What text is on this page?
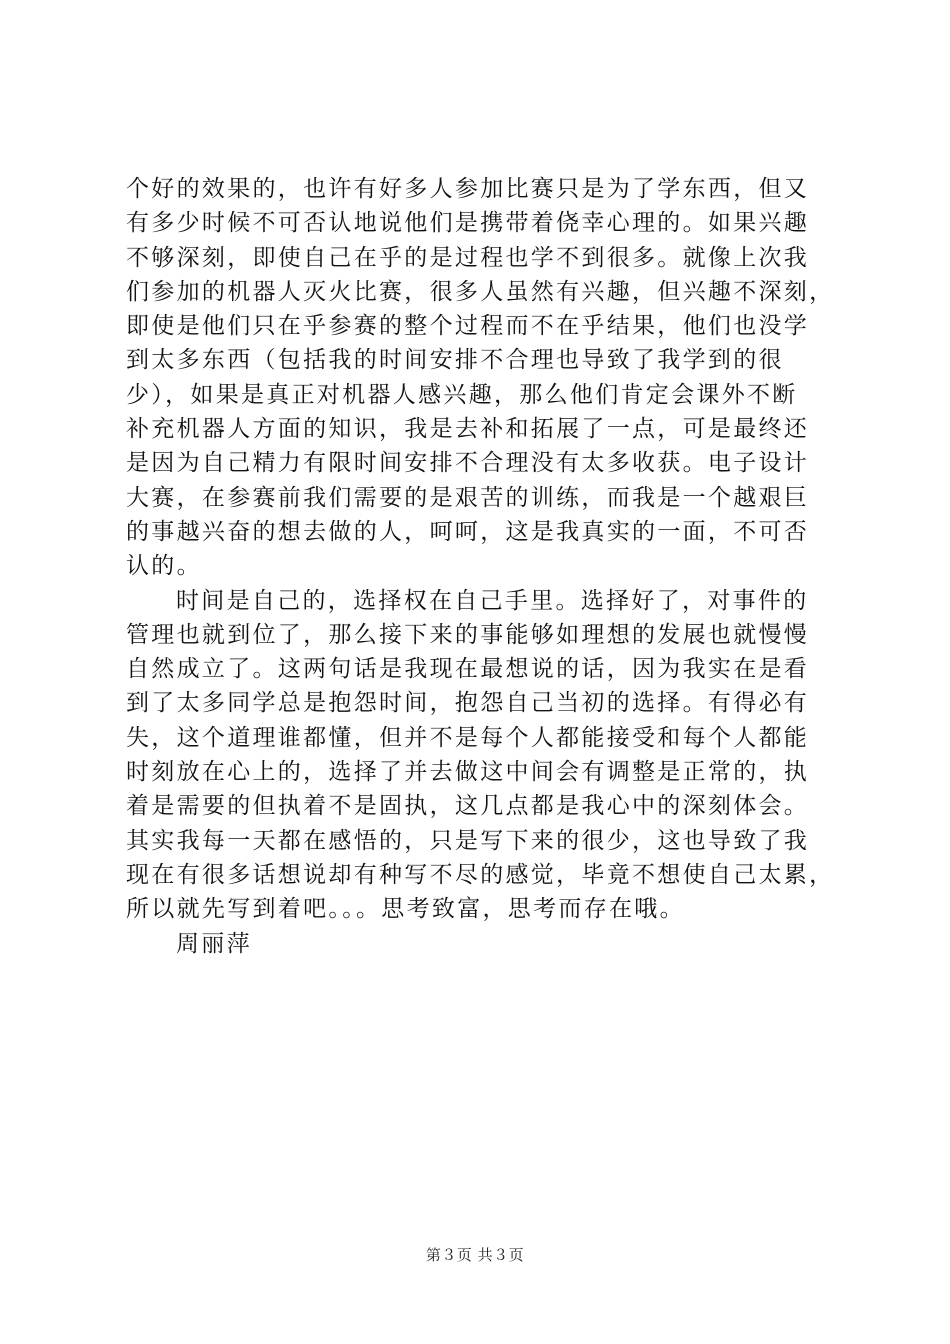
个好的效果的，也许有好多人参加比赛只是为了学东西，但又
有多少时候不可否认地说他们是携带着侥幸心理的。如果兴趣
不够深刻，即使自己在乎的是过程也学不到很多。就像上次我
们参加的机器人灭火比赛，很多人虽然有兴趣，但兴趣不深刻，
即使是他们只在乎参赛的整个过程而不在乎结果，他们也没学
到太多东西（包括我的时间安排不合理也导致了我学到的很
少），如果是真正对机器人感兴趣，那么他们肯定会课外不断
补充机器人方面的知识，我是去补和拓展了一点，可是最终还
是因为自己精力有限时间安排不合理没有太多收获。电子设计
大赛，在参赛前我们需要的是艰苦的训练，而我是一个越艰巨
的事越兴奋的想去做的人，呵呵，这是我真实的一面，不可否
认的。
时间是自己的，选择权在自己手里。选择好了，对事件的
管理也就到位了，那么接下来的事能够如理想的发展也就慢慢
自然成立了。这两句话是我现在最想说的话，因为我实在是看
到了太多同学总是抱怨时间，抱怨自己当初的选择。有得必有
失，这个道理谁都懂，但并不是每个人都能接受和每个人都能
时刻放在心上的，选择了并去做这中间会有调整是正常的，执
着是需要的但执着不是固执，这几点都是我心中的深刻体会。
其实我每一天都在感悟的，只是写下来的很少，这也导致了我
现在有很多话想说却有种写不尽的感觉，毕竟不想使自己太累，
所以就先写到着吧。。。思考致富，思考而存在哦。
周丽萍
第３页 共３页
